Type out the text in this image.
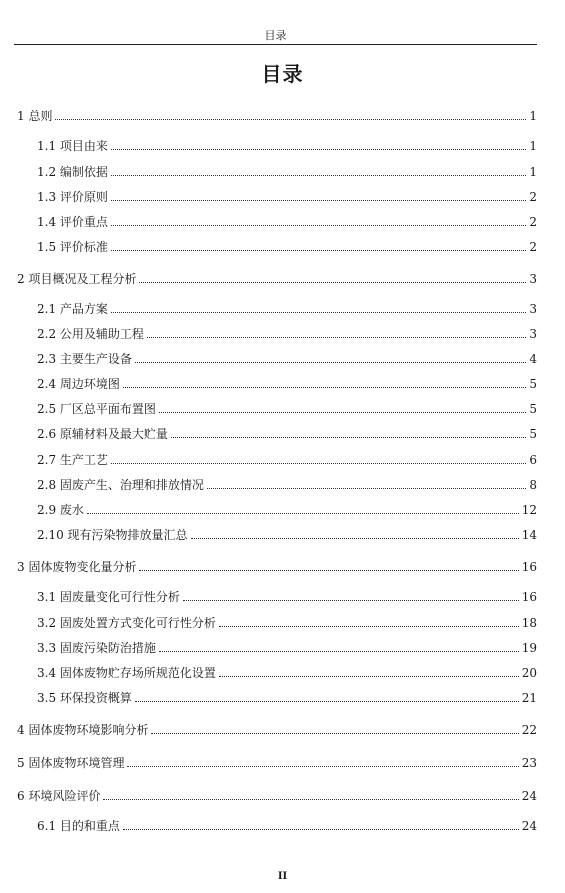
目录
目录
1 总则	1
1.1 项目由来	1
1.2 编制依据	1
1.3 评价原则	2
1.4 评价重点	2
1.5 评价标准	2
2 项目概况及工程分析	3
2.1 产品方案	3
2.2 公用及辅助工程	3
2.3 主要生产设备	4
2.4 周边环境图	5
2.5 厂区总平面布置图	5
2.6 原辅材料及最大贮量	5
2.7 生产工艺	6
2.8 固废产生、治理和排放情况	8
2.9 废水	12
2.10 现有污染物排放量汇总	14
3 固体废物变化量分析	16
3.1 固废量变化可行性分析	16
3.2 固废处置方式变化可行性分析	18
3.3 固废污染防治措施	19
3.4 固体废物贮存场所规范化设置	20
3.5 环保投资概算	21
4 固体废物环境影响分析	22
5 固体废物环境管理	23
6 环境风险评价	24
6.1 目的和重点	24
II
